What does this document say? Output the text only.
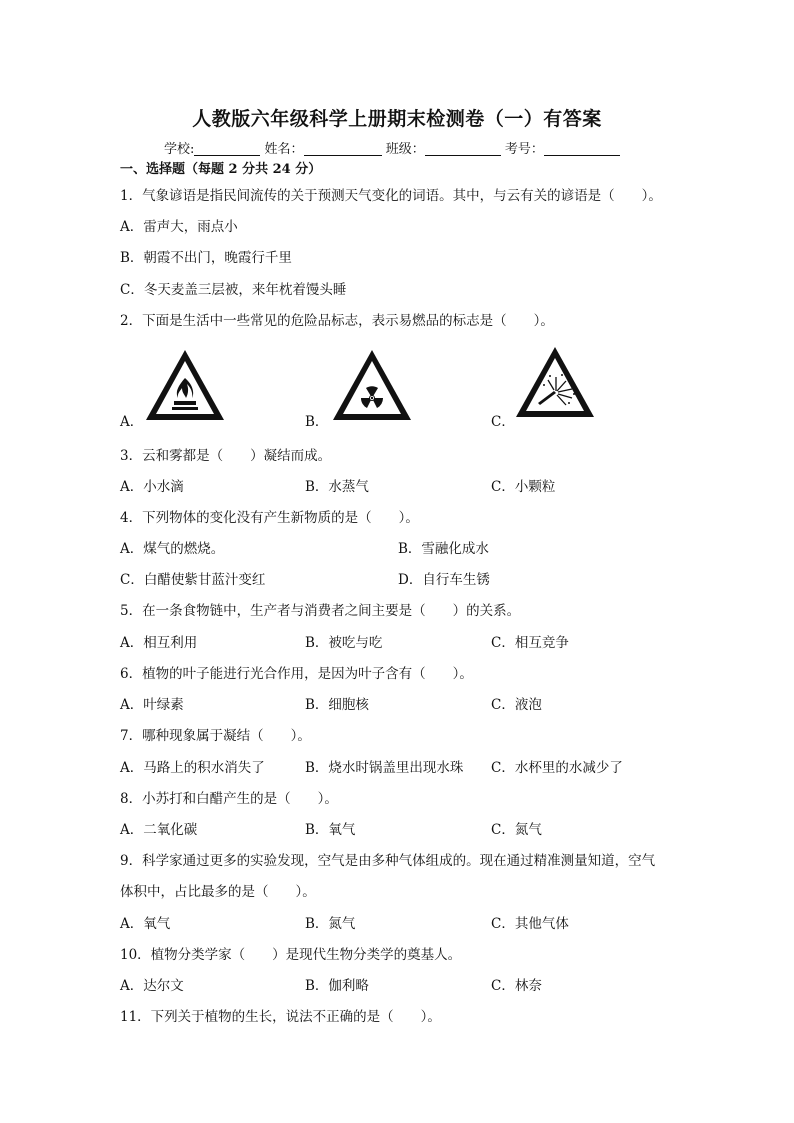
人教版六年级科学上册期末检测卷（一）有答案
学校:	姓名：	班级：	考号：
一、选择题（每题 2 分共 24 分）
1．气象谚语是指民间流传的关于预测天气变化的词语。其中，与云有关的谚语是（　　）。
A．雷声大，雨点小
B．朝霞不出门，晚霞行千里
C．冬天麦盖三层被，来年枕着馒头睡
2．下面是生活中一些常见的危险品标志，表示易燃品的标志是（　　）。
A．	B．	C．
3．云和雾都是（　　）凝结而成。
A．小水滴	B．水蒸气	C．小颗粒
4．下列物体的变化没有产生新物质的是（　　）。
A．煤气的燃烧。	B．雪融化成水
C．白醋使紫甘蓝汁变红	D．自行车生锈
5．在一条食物链中，生产者与消费者之间主要是（　　）的关系。
A．相互利用	B．被吃与吃	C．相互竞争
6．植物的叶子能进行光合作用，是因为叶子含有（　　）。
A．叶绿素	B．细胞核	C．液泡
7．哪种现象属于凝结（　　）。
A．马路上的积水消失了	B．烧水时锅盖里出现水珠 C．水杯里的水减少了
8．小苏打和白醋产生的是（　　）。
A．二氧化碳	B．氧气	C．氮气
9．科学家通过更多的实验发现，空气是由多种气体组成的。现在通过精准测量知道，空气
体积中，占比最多的是（　　）。
A．氧气	B．氮气	C．其他气体
10．植物分类学家（　　）是现代生物分类学的奠基人。
A．达尔文	B．伽利略	C．林奈
11．下列关于植物的生长，说法不正确的是（　　）。
